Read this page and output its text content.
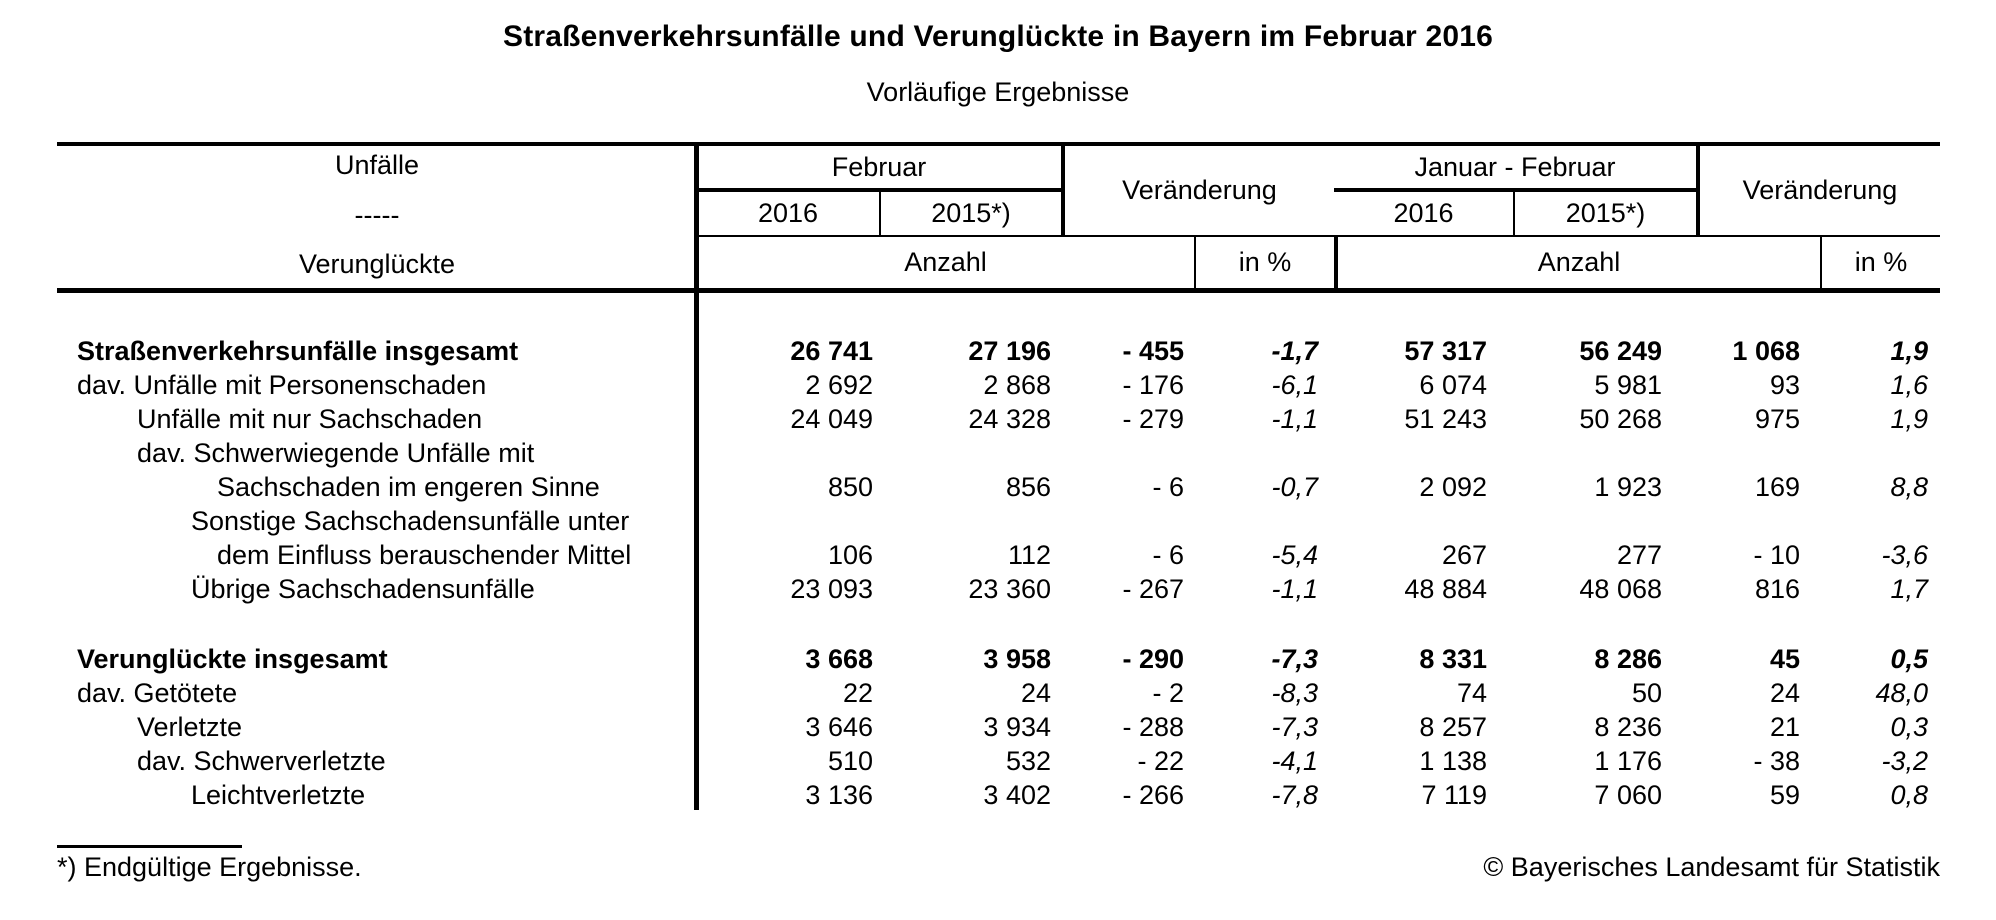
Straßenverkehrsunfälle und Verunglückte in Bayern im Februar 2016
Vorläufige Ergebnisse
Unfälle
-----
Verunglückte
Februar
Veränderung
Januar - Februar
Veränderung
2016	2015*)	2016	2015*)
Anzahl	in %	Anzahl	in %
Straßenverkehrsunfälle insgesamt	26 741	27 196	- 455	-1,7	57 317	56 249	1 068	1,9
dav. Unfälle mit Personenschaden	2 692	2 868	- 176	-6,1	6 074	5 981	93	1,6
Unfälle mit nur Sachschaden	24 049	24 328	- 279	-1,1	51 243	50 268	975	1,9
dav. Schwerwiegende Unfälle mit
Sachschaden im engeren Sinne	850	856	- 6	-0,7	2 092	1 923	169	8,8
Sonstige Sachschadensunfälle unter
dem Einfluss berauschender Mittel	106	112	- 6	-5,4	267	277	- 10	-3,6
Übrige Sachschadensunfälle	23 093	23 360	- 267	-1,1	48 884	48 068	816	1,7
Verunglückte insgesamt	3 668	3 958	- 290	-7,3	8 331	8 286	45	0,5
dav. Getötete	22	24	- 2	-8,3	74	50	24	48,0
Verletzte	3 646	3 934	- 288	-7,3	8 257	8 236	21	0,3
dav. Schwerverletzte	510	532	- 22	-4,1	1 138	1 176	- 38	-3,2
Leichtverletzte	3 136	3 402	- 266	-7,8	7 119	7 060	59	0,8
*) Endgültige Ergebnisse.	© Bayerisches Landesamt für Statistik
